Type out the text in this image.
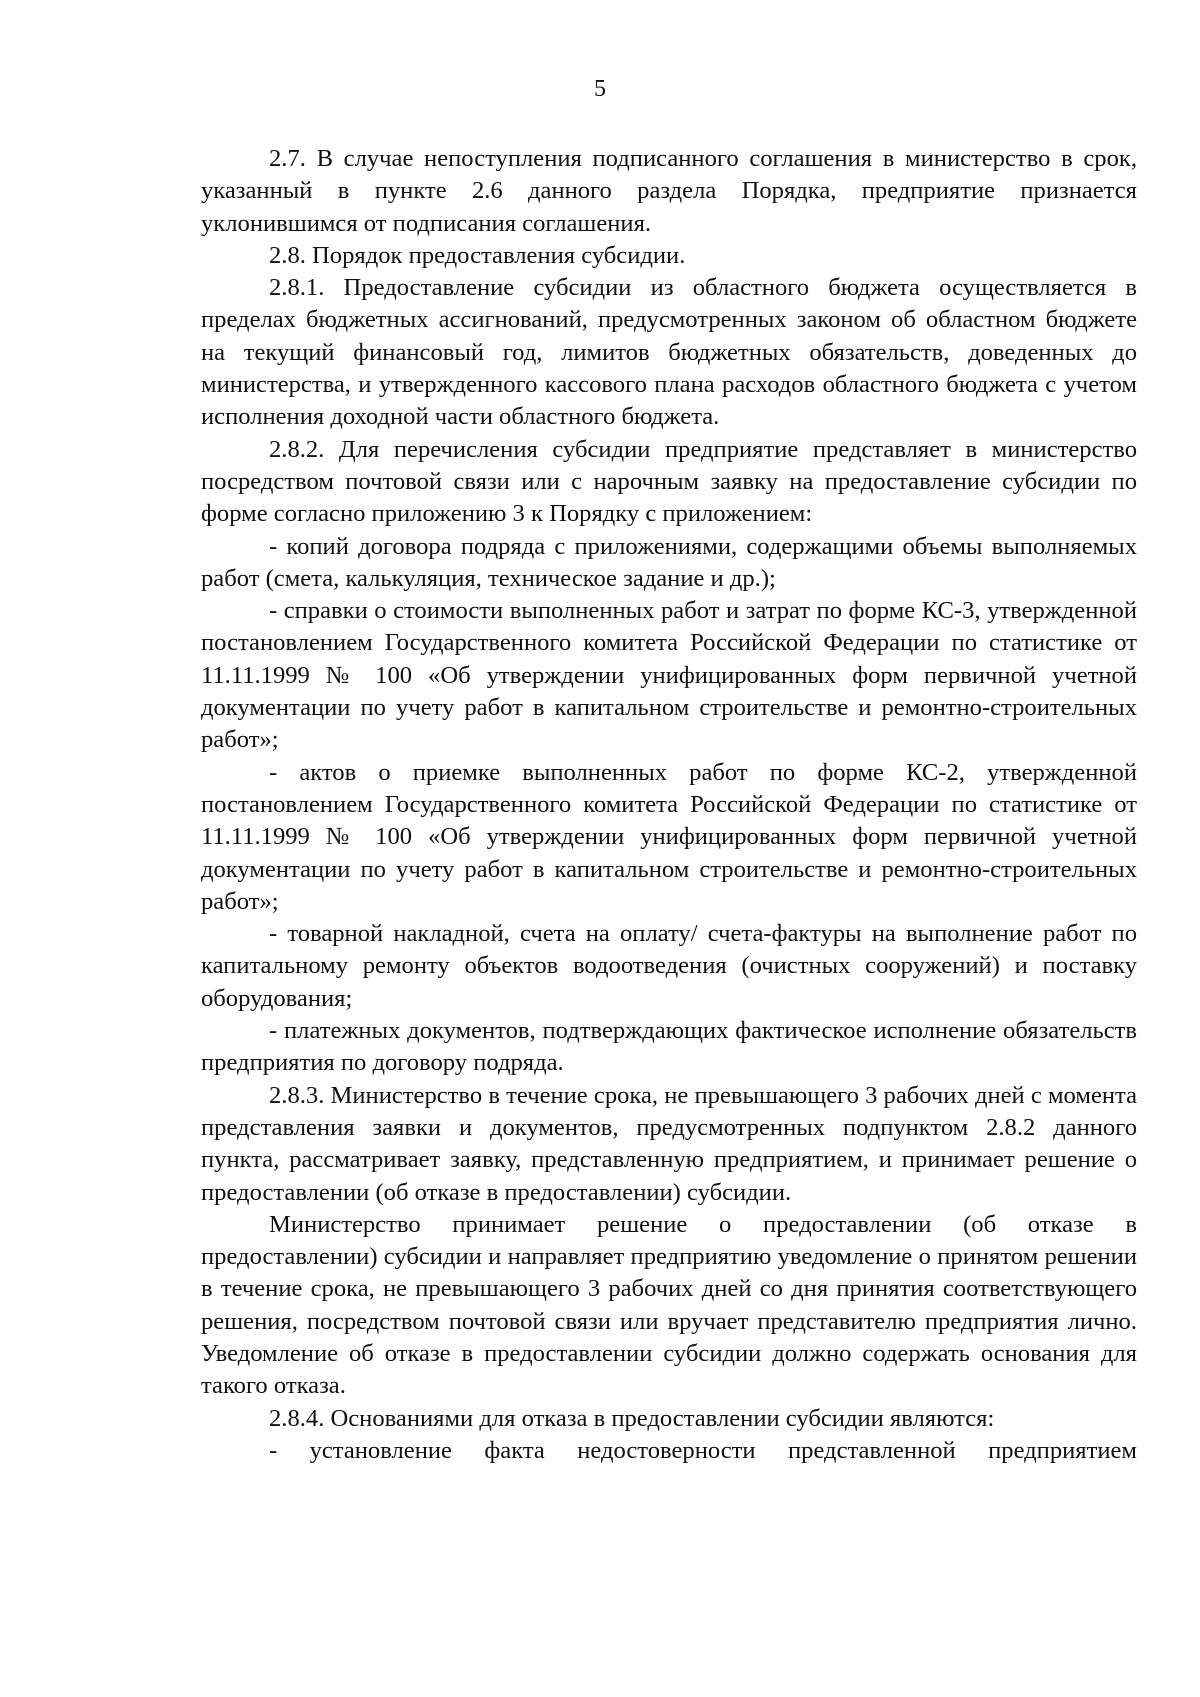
5

2.7. В случае непоступления подписанного соглашения в министерство в срок, указанный в пункте 2.6 данного раздела Порядка, предприятие признается уклонившимся от подписания соглашения.

2.8. Порядок предоставления субсидии.

2.8.1. Предоставление субсидии из областного бюджета осуществляется в пределах бюджетных ассигнований, предусмотренных законом об областном бюджете на текущий финансовый год, лимитов бюджетных обязательств, доведенных до министерства, и утвержденного кассового плана расходов областного бюджета с учетом исполнения доходной части областного бюджета.

2.8.2. Для перечисления субсидии предприятие представляет в министерство посредством почтовой связи или с нарочным заявку на предоставление субсидии по форме согласно приложению 3 к Порядку с приложением:

- копий договора подряда с приложениями, содержащими объемы выполняемых работ (смета, калькуляция, техническое задание и др.);

- справки о стоимости выполненных работ и затрат по форме КС-3, утвержденной постановлением Государственного комитета Российской Федерации по статистике от 11.11.1999 № 100 «Об утверждении унифицированных форм первичной учетной документации по учету работ в капитальном строительстве и ремонтно-строительных работ»;

- актов о приемке выполненных работ по форме КС-2, утвержденной постановлением Государственного комитета Российской Федерации по статистике от 11.11.1999 № 100 «Об утверждении унифицированных форм первичной учетной документации по учету работ в капитальном строительстве и ремонтно-строительных работ»;

- товарной накладной, счета на оплату/ счета-фактуры на выполнение работ по капитальному ремонту объектов водоотведения (очистных сооружений) и поставку оборудования;

- платежных документов, подтверждающих фактическое исполнение обязательств предприятия по договору подряда.

2.8.3. Министерство в течение срока, не превышающего 3 рабочих дней с момента представления заявки и документов, предусмотренных подпунктом 2.8.2 данного пункта, рассматривает заявку, представленную предприятием, и принимает решение о предоставлении (об отказе в предоставлении) субсидии.

Министерство принимает решение о предоставлении (об отказе в предоставлении) субсидии и направляет предприятию уведомление о принятом решении в течение срока, не превышающего 3 рабочих дней со дня принятия соответствующего решения, посредством почтовой связи или вручает представителю предприятия лично. Уведомление об отказе в предоставлении субсидии должно содержать основания для такого отказа.

2.8.4. Основаниями для отказа в предоставлении субсидии являются:

- установление факта недостоверности представленной предприятием
